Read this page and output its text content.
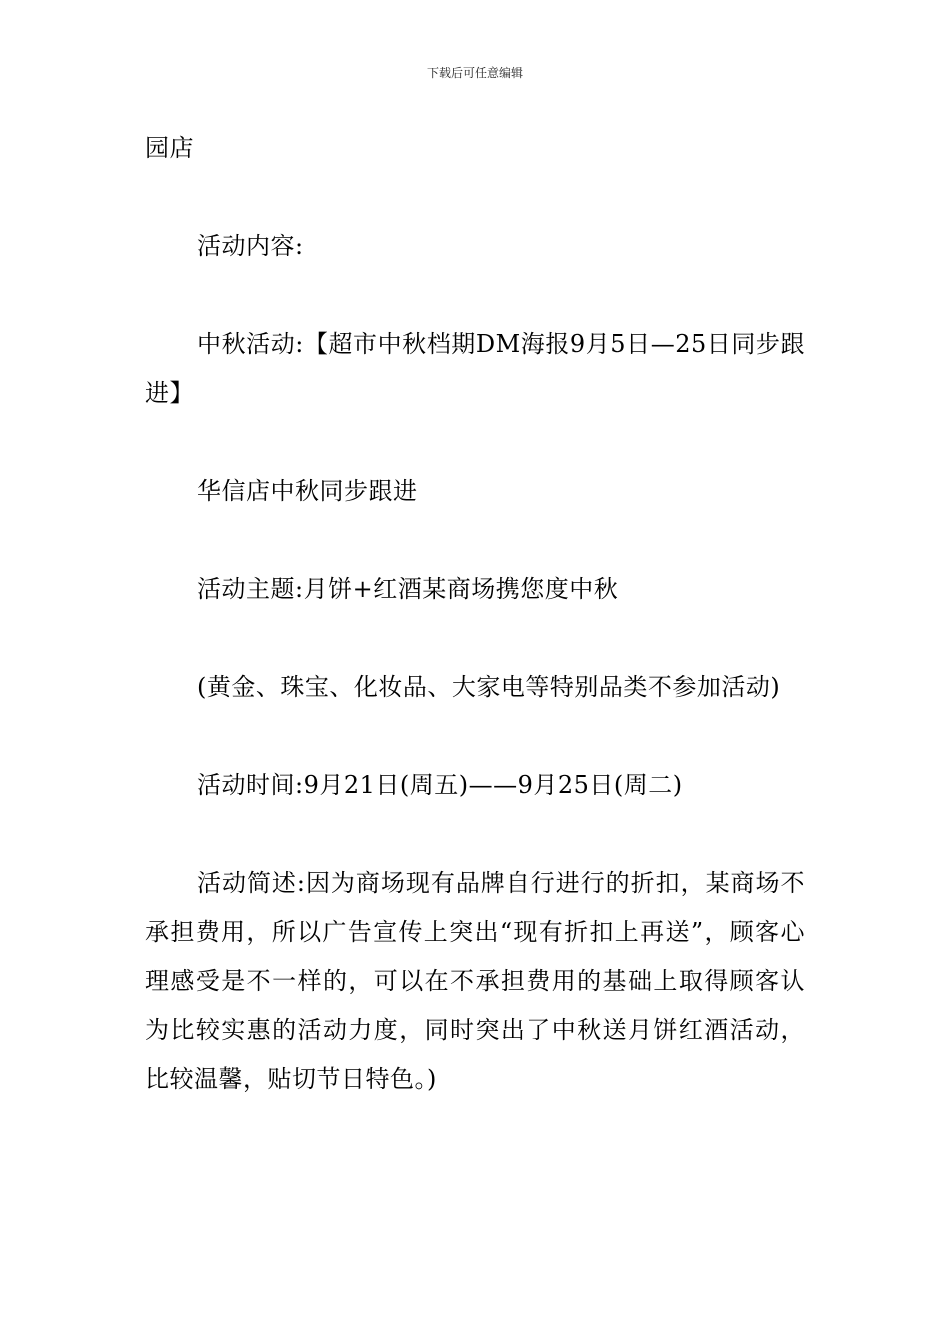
下载后可任意编辑

园店

活动内容:

中秋活动:【超市中秋档期DM海报9月5日—25日同步跟进】

华信店中秋同步跟进

活动主题:月饼+红酒某商场携您度中秋

(黄金、珠宝、化妆品、大家电等特别品类不参加活动)

活动时间:9月21日(周五)——9月25日(周二)

活动简述:因为商场现有品牌自行进行的折扣，某商场不承担费用，所以广告宣传上突出“现有折扣上再送”，顾客心理感受是不一样的，可以在不承担费用的基础上取得顾客认为比较实惠的活动力度，同时突出了中秋送月饼红酒活动，比较温馨，贴切节日特色。)
